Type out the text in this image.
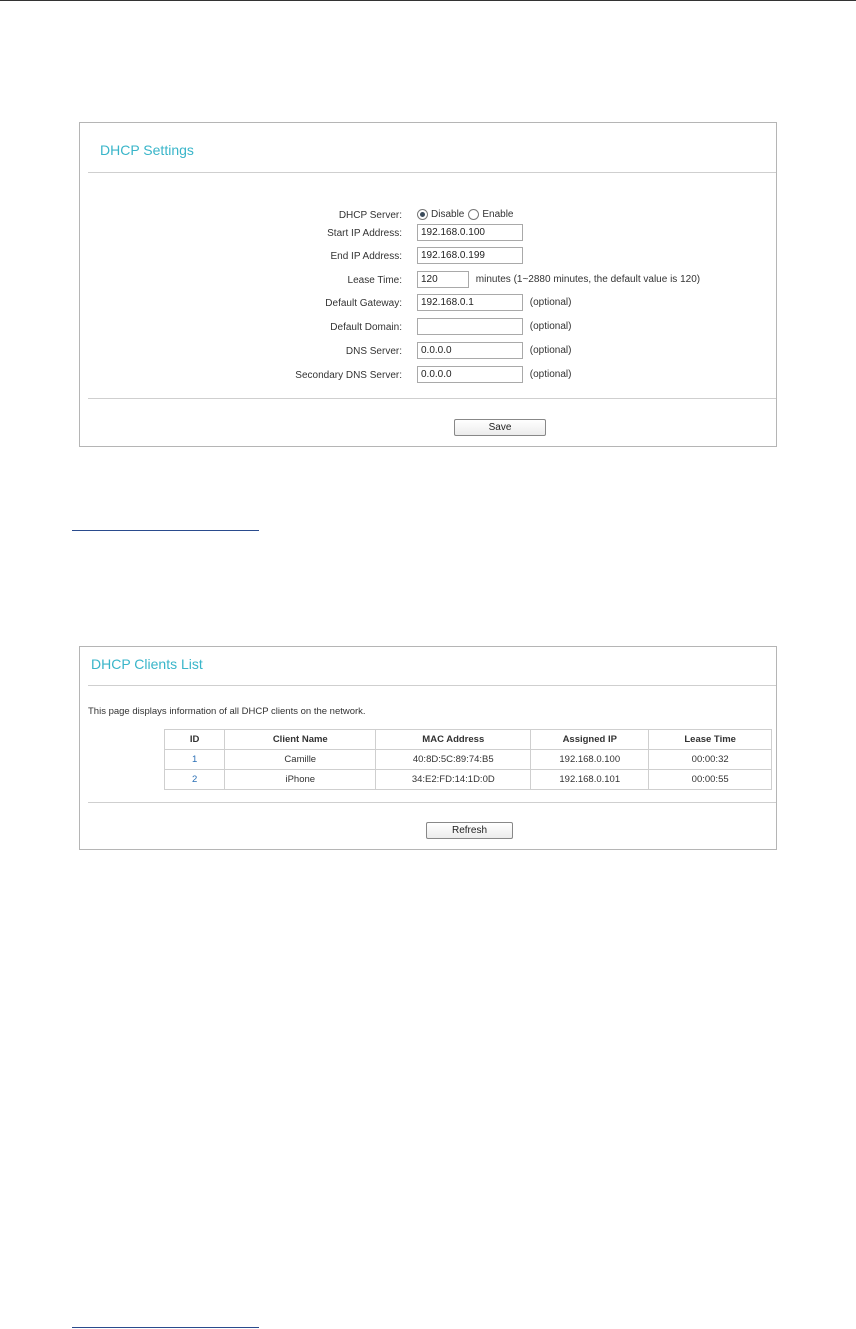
DHCP Settings
DHCP Server:	Disable Enable
Start IP Address:
192.168.0.100
End IP Address:
192.168.0.199
Lease Time:
120	minutes (1~2880 minutes, the default value is 120)
Default Gateway:
192.168.0.1	(optional)
Default Domain:	(optional)
DNS Server:
0.0.0.0	(optional)
Secondary DNS Server:
0.0.0.0	(optional)
Save
DHCP Clients List
This page displays information of all DHCP clients on the network.
ID	Client Name	MAC Address	Assigned IP	Lease Time
1	Camille	40:8D:5C:89:74:B5	192.168.0.100	00:00:32
2	iPhone	34:E2:FD:14:1D:0D	192.168.0.101	00:00:55
Refresh
